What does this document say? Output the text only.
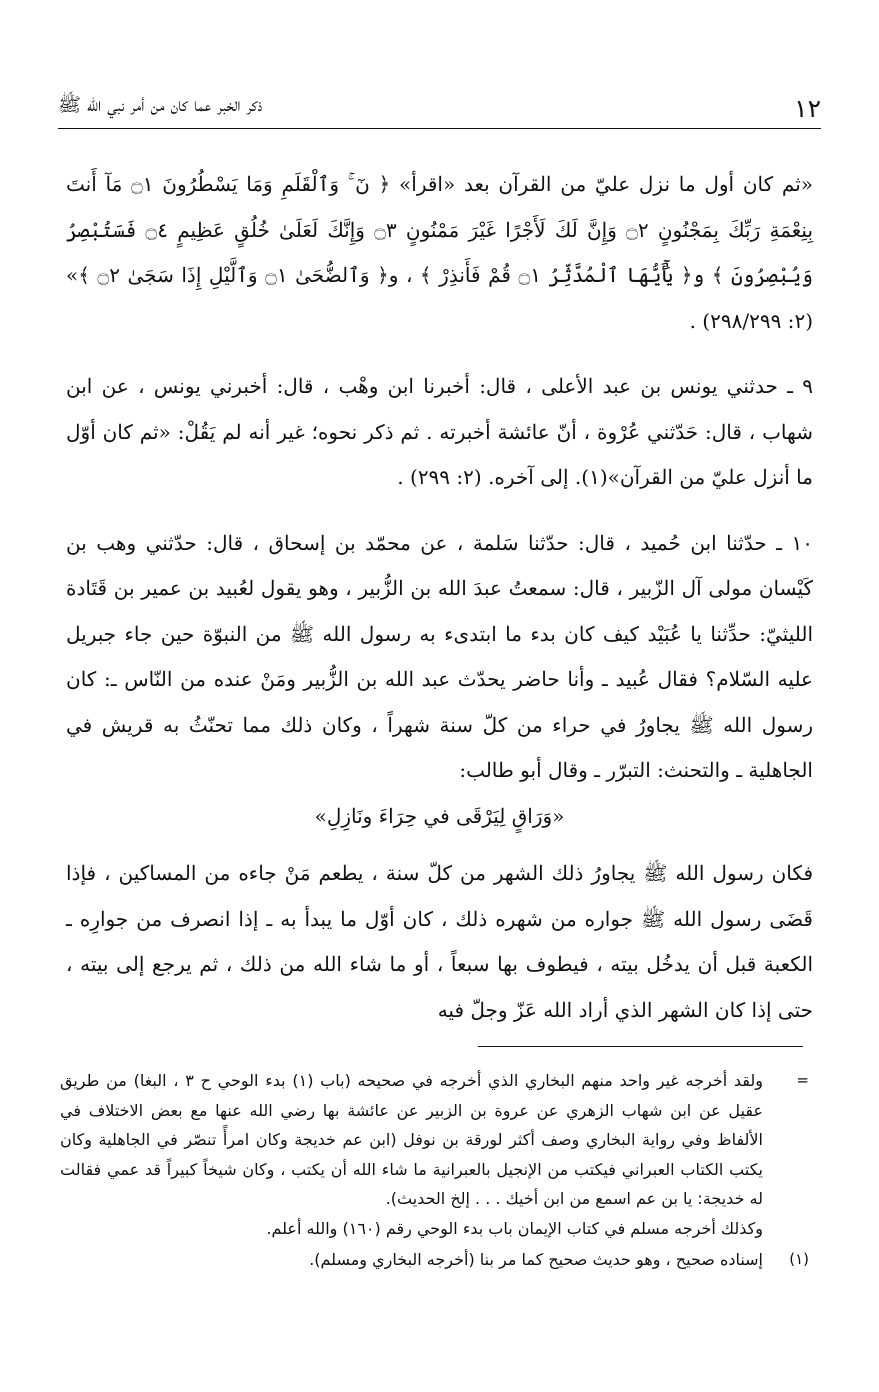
١٢
ذكر الخبر عما كان من أمر نبي الله ﷺ

«ثم كان أول ما نزل عليّ من القرآن بعد «اقرأ» ﴿ نٓ ۚ وَٱلْقَلَمِ وَمَا يَسْطُرُونَ ۝١ مَآ أَنتَ بِنِعْمَةِ رَبِّكَ بِمَجْنُونٍ ۝٢ وَإِنَّ لَكَ لَأَجْرًا غَيْرَ مَمْنُونٍ ۝٣ وَإِنَّكَ لَعَلَىٰ خُلُقٍ عَظِيمٍ ۝٤ فَسَتُبْصِرُ وَيُبْصِرُونَ ﴾ و﴿ يَٰٓأَيُّهَا ٱلْمُدَّثِّرُ ۝١ قُمْ فَأَنذِرْ ﴾ ، و﴿ وَٱلضُّحَىٰ ۝١ وَٱلَّيْلِ إِذَا سَجَىٰ ۝٢ ﴾» (٢: ٢٩٨/٢٩٩) .

٩ ـ حدثني يونس بن عبد الأعلى ، قال: أخبرنا ابن وهْب ، قال: أخبرني يونس ، عن ابن شهاب ، قال: حَدّثني عُرْوة ، أنّ عائشة أخبرته . ثم ذكر نحوه؛ غير أنه لم يَقُلْ: «ثم كان أوّل ما أنزل عليّ من القرآن»(١). إلى آخره. (٢: ٢٩٩) .

١٠ ـ حدّثنا ابن حُميد ، قال: حدّثنا سَلمة ، عن محمّد بن إسحاق ، قال: حدّثني وهب بن كَيْسان مولى آل الزّبير ، قال: سمعتُ عبدَ الله بن الزُّبير ، وهو يقول لعُبيد بن عمير بن قَتَادة الليثيّ: حدِّثنا يا عُبَيْد كيف كان بدء ما ابتدىء به رسول الله ﷺ من النبوّة حين جاء جبريل عليه السّلام؟ فقال عُبيد ـ وأنا حاضر يحدّث عبد الله بن الزُّبير ومَنْ عنده من النّاس ـ: كان رسول الله ﷺ يجاورُ في حراء من كلّ سنة شهراً ، وكان ذلك مما تحنّثُ به قريش في الجاهلية ـ والتحنث: التبرّر ـ وقال أبو طالب:

«وَرَاقٍ لِيَرْقَى في حِرَاءَ ونَازِلِ»

فكان رسول الله ﷺ يجاورُ ذلك الشهر من كلّ سنة ، يطعم مَنْ جاءه من المساكين ، فإذا قَضَى رسول الله ﷺ جواره من شهره ذلك ، كان أوّل ما يبدأ به ـ إذا انصرف من جوارِه ـ الكعبة قبل أن يدخُل بيته ، فيطوف بها سبعاً ، أو ما شاء الله من ذلك ، ثم يرجع إلى بيته ، حتى إذا كان الشهر الذي أراد الله عَزّ وجلّ فيه

=

ولقد أخرجه غير واحد منهم البخاري الذي أخرجه في صحيحه (باب (١) بدء الوحي ح ٣ ، البغا) من طريق عقيل عن ابن شهاب الزهري عن عروة بن الزبير عن عائشة بها رضي الله عنها مع بعض الاختلاف في الألفاظ وفي رواية البخاري وصف أكثر لورقة بن نوفل (ابن عم خديجة وكان امرأً تنصّر في الجاهلية وكان يكتب الكتاب العبراني فيكتب من الإنجيل بالعبرانية ما شاء الله أن يكتب ، وكان شيخاً كبيراً قد عمي فقالت له خديجة: يا بن عم اسمع من ابن أخيك . . . إلخ الحديث).

وكذلك أخرجه مسلم في كتاب الإيمان باب بدء الوحي رقم (١٦٠) والله أعلم.

(١)

إسناده صحيح ، وهو حديث صحيح كما مر بنا (أخرجه البخاري ومسلم).
